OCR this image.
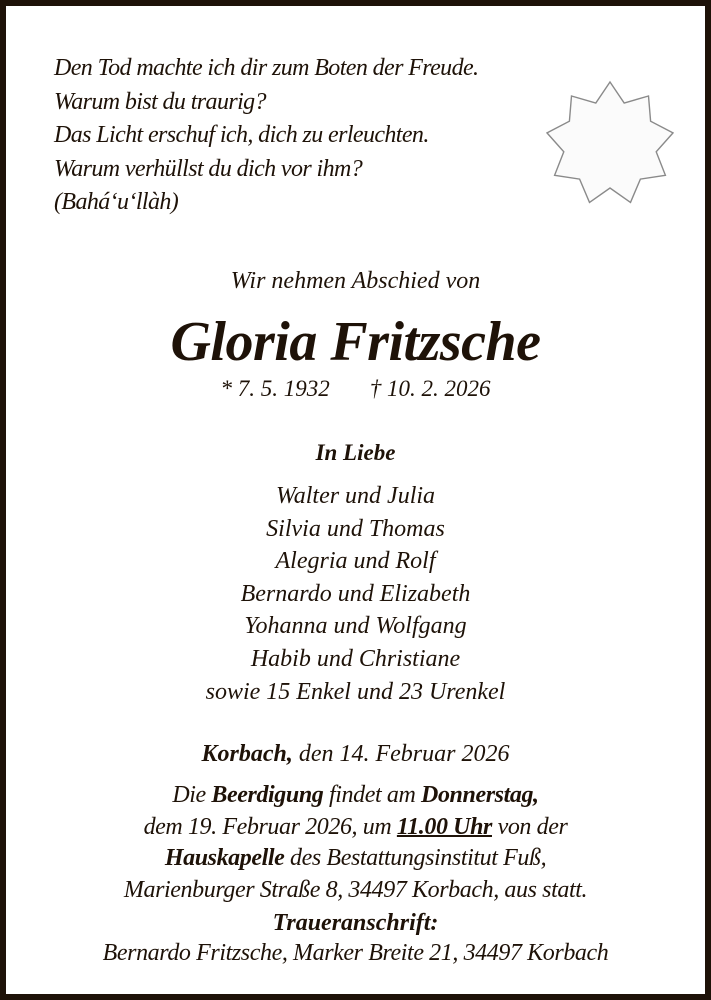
Den Tod machte ich dir zum Boten der Freude.
Warum bist du traurig?
Das Licht erschuf ich, dich zu erleuchten.
Warum verhüllst du dich vor ihm?
(Bahá‘u‘llàh)
Wir nehmen Abschied von
Gloria Fritzsche
* 7. 5. 1932 † 10. 2. 2026
In Liebe
Walter und Julia
Silvia und Thomas
Alegria und Rolf
Bernardo und Elizabeth
Yohanna und Wolfgang
Habib und Christiane
sowie 15 Enkel und 23 Urenkel
Korbach, den 14. Februar 2026
Die Beerdigung findet am Donnerstag,
dem 19. Februar 2026, um 11.00 Uhr von der
Hauskapelle des Bestattungsinstitut Fuß,
Marienburger Straße 8, 34497 Korbach, aus statt.
Traueranschrift:
Bernardo Fritzsche, Marker Breite 21, 34497 Korbach
